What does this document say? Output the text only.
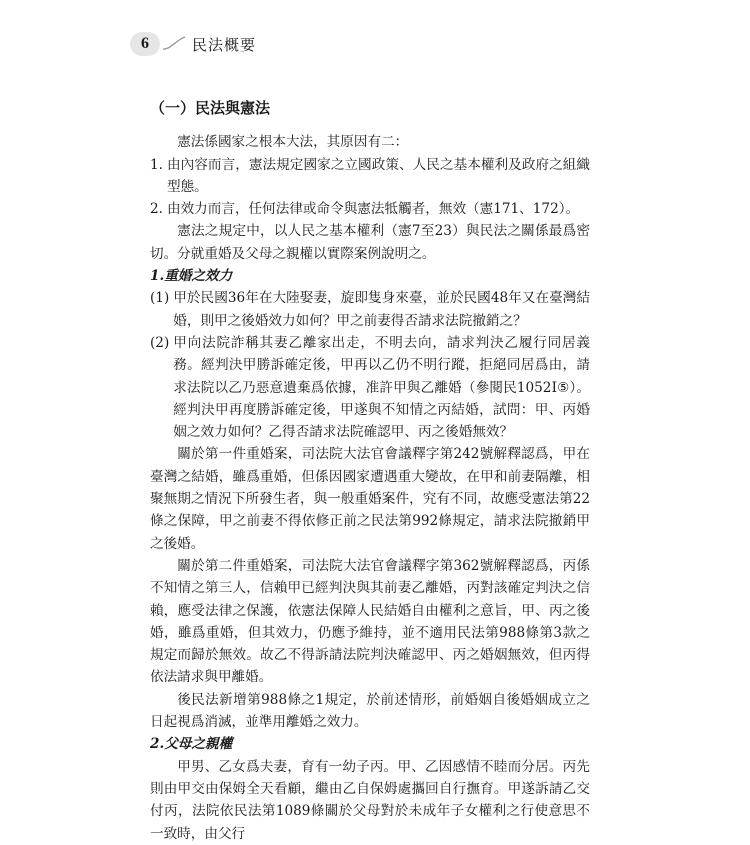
6	民法概要
（一）民法與憲法
憲法係國家之根本大法，其原因有二：
1. 由內容而言，憲法規定國家之立國政策、人民之基本權利及政府之組織型態。
2. 由效力而言，任何法律或命令與憲法牴觸者，無效（憲171、172）。
憲法之規定中，以人民之基本權利（憲7至23）與民法之關係最爲密切。分就重婚及父母之親權以實際案例說明之。
1.重婚之效力
(1) 甲於民國36年在大陸娶妻，旋即隻身來臺，並於民國48年又在臺灣結婚，則甲之後婚效力如何？甲之前妻得否請求法院撤銷之？
(2) 甲向法院詐稱其妻乙離家出走，不明去向，請求判決乙履行同居義務。經判決甲勝訴確定後，甲再以乙仍不明行蹤，拒絕同居爲由，請求法院以乙乃惡意遺棄爲依據，准許甲與乙離婚（參閱民1052Ⅰ⑤）。經判決甲再度勝訴確定後，甲遂與不知情之丙結婚，試問：甲、丙婚姻之效力如何？乙得否請求法院確認甲、丙之後婚無效？
關於第一件重婚案，司法院大法官會議釋字第242號解釋認爲，甲在臺灣之結婚，雖爲重婚，但係因國家遭遇重大變故，在甲和前妻隔離，相聚無期之情況下所發生者，與一般重婚案件，究有不同，故應受憲法第22條之保障，甲之前妻不得依修正前之民法第992條規定，請求法院撤銷甲之後婚。
關於第二件重婚案，司法院大法官會議釋字第362號解釋認爲，丙係不知情之第三人，信賴甲已經判決與其前妻乙離婚，丙對該確定判決之信賴，應受法律之保護，依憲法保障人民結婚自由權利之意旨，甲、丙之後婚，雖爲重婚，但其效力，仍應予維持，並不適用民法第988條第3款之規定而歸於無效。故乙不得訴請法院判決確認甲、丙之婚姻無效，但丙得依法請求與甲離婚。
後民法新增第988條之1規定，於前述情形，前婚姻自後婚姻成立之日起視爲消滅，並準用離婚之效力。
2.父母之親權
甲男、乙女爲夫妻，育有一幼子丙。甲、乙因感情不睦而分居。丙先則由甲交由保姆全天看顧，繼由乙自保姆處攜回自行撫育。甲遂訴請乙交付丙，法院依民法第1089條關於父母對於未成年子女權利之行使意思不一致時，由父行
